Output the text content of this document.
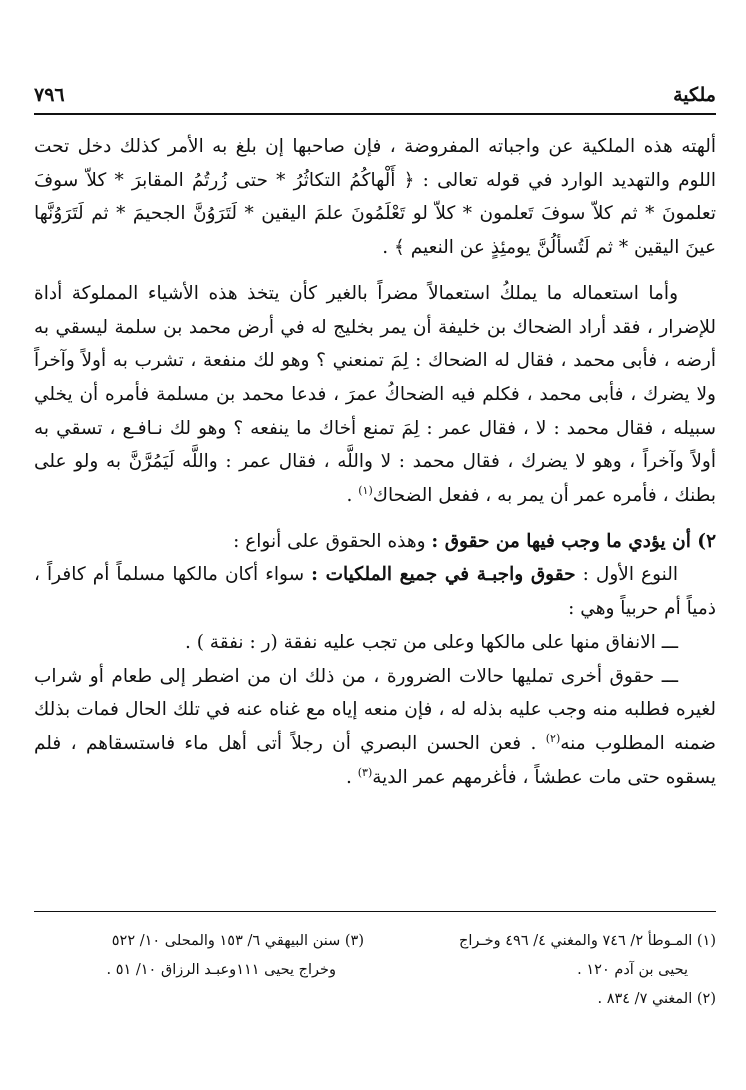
ملكية
٧٩٦

ألهته هذه الملكية عن واجباته المفروضة ، فإن صاحبها إن بلغ به الأمر كذلك دخل تحت اللوم والتهديد الوارد في قوله تعالى : ﴿ أَلْهاكُمُ التكاثُرُ * حتى زُرتُمُ المقابرَ * كلاّ سوفَ تعلمونَ * ثم كلاّ سوفَ تَعلمون * كلاّ لو تَعْلَمُونَ علمَ اليقين * لَتَرَوُنَّ الجحيمَ * ثم لَتَرَوُنَّها عينَ اليقين * ثم لَتُسألُنَّ يومئِذٍ عن النعيم ﴾ .

وأما استعماله ما يملكُ استعمالاً مضراً بالغير كأن يتخذ هذه الأشياء المملوكة أداة للإضرار ، فقد أراد الضحاك بن خليفة أن يمر بخليج له في أرض محمد بن سلمة ليسقي به أرضه ، فأبى محمد ، فقال له الضحاك : لِمَ تمنعني ؟ وهو لك منفعة ، تشرب به أولاً وآخراً ولا يضرك ، فأبى محمد ، فكلم فيه الضحاكُ عمرَ ، فدعا محمد بن مسلمة فأمره أن يخلي سبيله ، فقال محمد : لا ، فقال عمر : لِمَ تمنع أخاك ما ينفعه ؟ وهو لك نـافـع ، تسقي به أولاً وآخراً ، وهو لا يضرك ، فقال محمد : لا واللَّه ، فقال عمر : واللَّه لَيَمُرَّنَّ به ولو على بطنك ، فأمره عمر أن يمر به ، ففعل الضحاك$^{(١)}$ .

٢) أن يؤدي ما وجب فيها من حقوق : وهذه الحقوق على أنواع :

النوع الأول : حقوق واجبـة في جميع الملكيات : سواء أكان مالكها مسلماً أم كافراً ، ذمياً أم حربياً وهي :

ـــ الانفاق منها على مالكها وعلى من تجب عليه نفقة (ر : نفقة ) .

ـــ حقوق أخرى تمليها حالات الضرورة ، من ذلك ان من اضطر إلى طعام أو شراب لغيره فطلبه منه وجب عليه بذله له ، فإن منعه إياه مع غناه عنه في تلك الحال فمات بذلك ضمنه المطلوب منه$^{(٢)}$ . فعن الحسن البصري أن رجلاً أتى أهل ماء فاستسقاهم ، فلم يسقوه حتى مات عطشاً ، فأغرمهم عمر الدية$^{(٣)}$ .

(١) المـوطأ ٢/ ٧٤٦ والمغني ٤/ ٤٩٦ وخـراج
يحيى بن آدم ١٢٠ .
(٢) المغني ٧/ ٨٣٤ .
(٣) سنن البيهقي ٦/ ١٥٣ والمحلى ١٠/ ٥٢٢
وخراج يحيى ١١١وعبـد الرزاق ١٠/ ٥١ .
